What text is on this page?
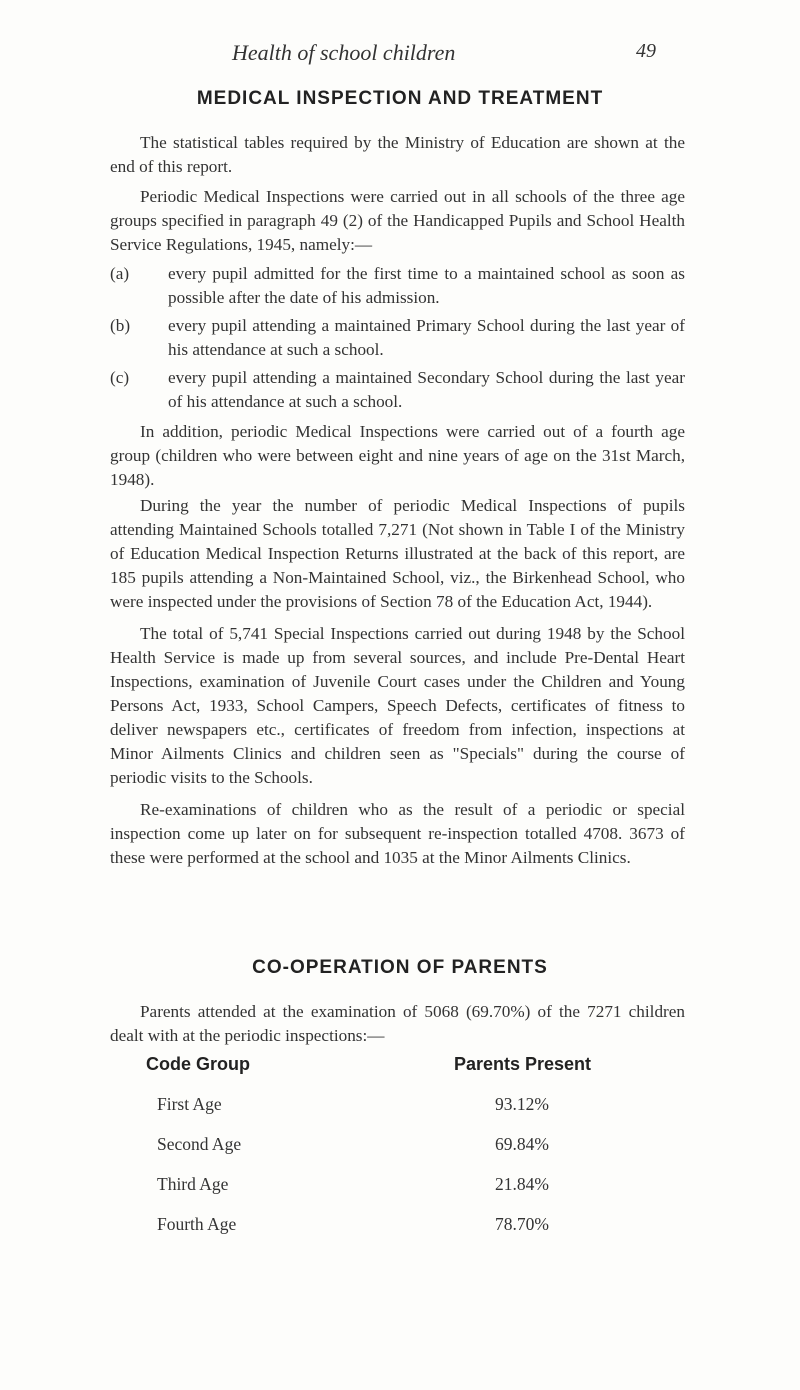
Health of school children	49
MEDICAL INSPECTION AND TREATMENT
The statistical tables required by the Ministry of Education are shown at the end of this report.
Periodic Medical Inspections were carried out in all schools of the three age groups specified in paragraph 49 (2) of the Handicapped Pupils and School Health Service Regulations, 1945, namely:—
(a) every pupil admitted for the first time to a maintained school as soon as possible after the date of his admission.
(b) every pupil attending a maintained Primary School during the last year of his attendance at such a school.
(c) every pupil attending a maintained Secondary School during the last year of his attendance at such a school.
In addition, periodic Medical Inspections were carried out of a fourth age group (children who were between eight and nine years of age on the 31st March, 1948).
During the year the number of periodic Medical Inspections of pupils attending Maintained Schools totalled 7,271 (Not shown in Table I of the Ministry of Education Medical Inspection Returns illustrated at the back of this report, are 185 pupils attending a Non-Maintained School, viz., the Birkenhead School, who were inspected under the provisions of Section 78 of the Education Act, 1944).
The total of 5,741 Special Inspections carried out during 1948 by the School Health Service is made up from several sources, and include Pre-Dental Heart Inspections, examination of Juvenile Court cases under the Children and Young Persons Act, 1933, School Campers, Speech Defects, certificates of fitness to deliver newspapers etc., certificates of freedom from infection, inspections at Minor Ailments Clinics and children seen as "Specials" during the course of periodic visits to the Schools.
Re-examinations of children who as the result of a periodic or special inspection come up later on for subsequent re-inspection totalled 4708. 3673 of these were performed at the school and 1035 at the Minor Ailments Clinics.
CO-OPERATION OF PARENTS
Parents attended at the examination of 5068 (69.70%) of the 7271 children dealt with at the periodic inspections:—
Code Group	Parents Present
First Age	93.12%
Second Age	69.84%
Third Age	21.84%
Fourth Age	78.70%
